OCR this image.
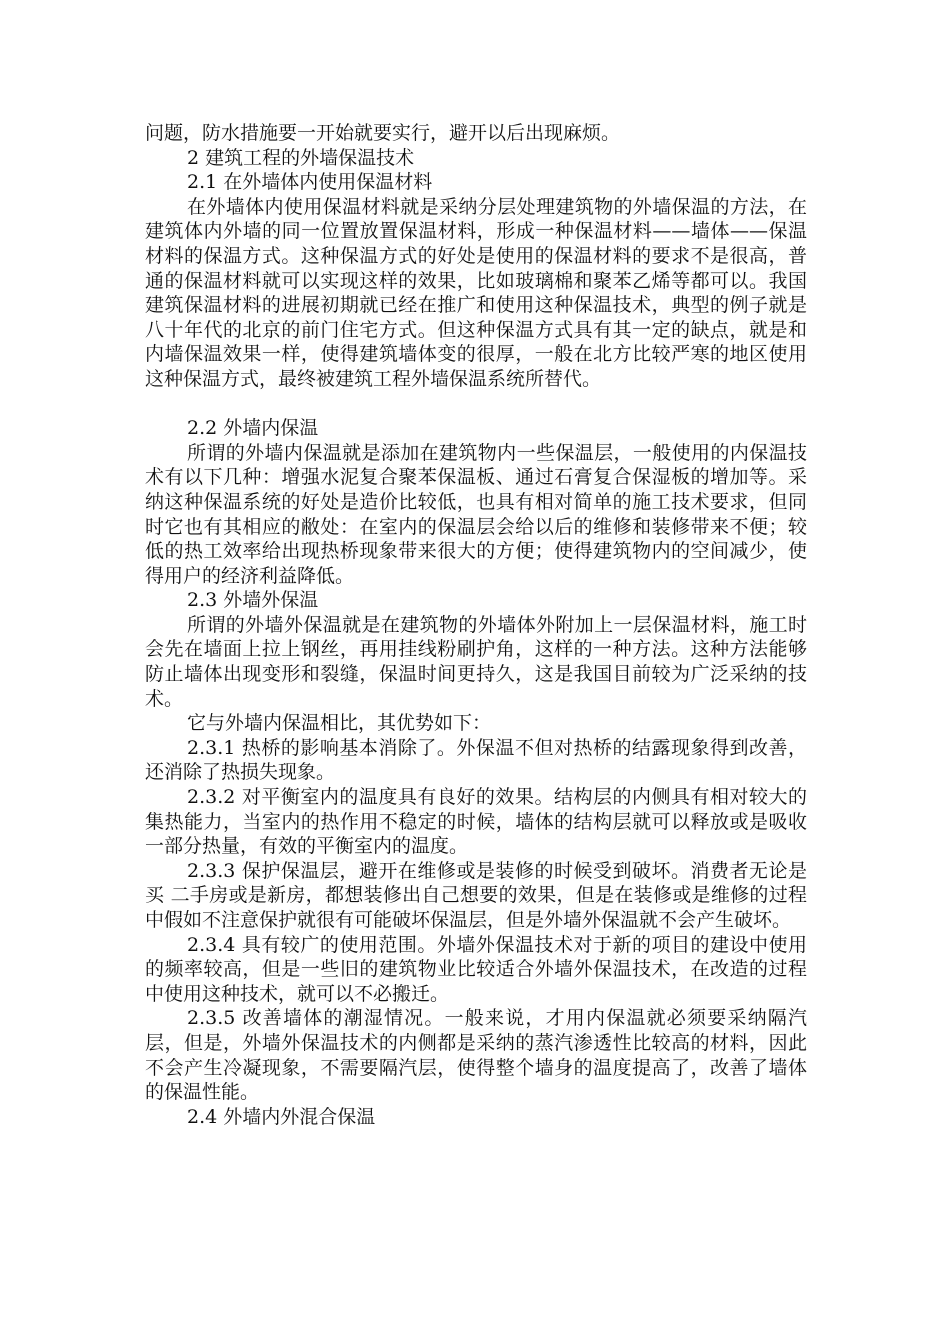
问题，防水措施要一开始就要实行，避开以后出现麻烦。

2 建筑工程的外墙保温技术
2.1 在外墙体内使用保温材料

在外墙体内使用保温材料就是采纳分层处理建筑物的外墙保温的方法，在建筑体内外墙的同一位置放置保温材料，形成一种保温材料——墙体——保温材料的保温方式。这种保温方式的好处是使用的保温材料的要求不是很高，普通的保温材料就可以实现这样的效果，比如玻璃棉和聚苯乙烯等都可以。我国建筑保温材料的进展初期就已经在推广和使用这种保温技术，典型的例子就是八十年代的北京的前门住宅方式。但这种保温方式具有其一定的缺点，就是和内墙保温效果一样，使得建筑墙体变的很厚，一般在北方比较严寒的地区使用这种保温方式，最终被建筑工程外墙保温系统所替代。

2.2 外墙内保温

所谓的外墙内保温就是添加在建筑物内一些保温层，一般使用的内保温技术有以下几种：增强水泥复合聚苯保温板、通过石膏复合保湿板的增加等。采纳这种保温系统的好处是造价比较低，也具有相对简单的施工技术要求，但同时它也有其相应的敝处：在室内的保温层会给以后的维修和装修带来不便；较低的热工效率给出现热桥现象带来很大的方便；使得建筑物内的空间减少，使得用户的经济利益降低。

2.3 外墙外保温

所谓的外墙外保温就是在建筑物的外墙体外附加上一层保温材料，施工时会先在墙面上拉上钢丝，再用挂线粉刷护角，这样的一种方法。这种方法能够防止墙体出现变形和裂缝，保温时间更持久，这是我国目前较为广泛采纳的技术。

它与外墙内保温相比，其优势如下：

2.3.1 热桥的影响基本消除了。外保温不但对热桥的结露现象得到改善，还消除了热损失现象。

2.3.2 对平衡室内的温度具有良好的效果。结构层的内侧具有相对较大的集热能力，当室内的热作用不稳定的时候，墙体的结构层就可以释放或是吸收一部分热量，有效的平衡室内的温度。

2.3.3 保护保温层，避开在维修或是装修的时候受到破坏。消费者无论是买 二手房或是新房，都想装修出自己想要的效果，但是在装修或是维修的过程中假如不注意保护就很有可能破坏保温层，但是外墙外保温就不会产生破坏。

2.3.4 具有较广的使用范围。外墙外保温技术对于新的项目的建设中使用的频率较高，但是一些旧的建筑物业比较适合外墙外保温技术，在改造的过程中使用这种技术，就可以不必搬迁。

2.3.5 改善墙体的潮湿情况。一般来说，才用内保温就必须要采纳隔汽层，但是，外墙外保温技术的内侧都是采纳的蒸汽渗透性比较高的材料，因此不会产生冷凝现象，不需要隔汽层，使得整个墙身的温度提高了，改善了墙体的保温性能。

2.4 外墙内外混合保温
